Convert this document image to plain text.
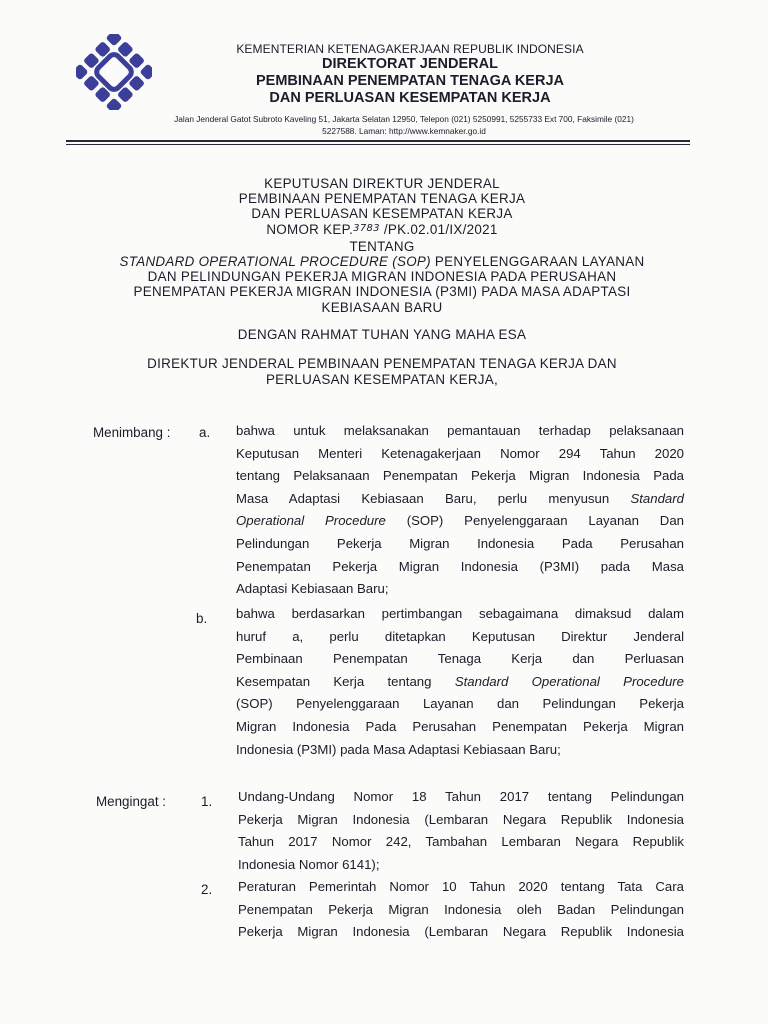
KEMENTERIAN KETENAGAKERJAAN REPUBLIK INDONESIA
DIREKTORAT JENDERAL
PEMBINAAN PENEMPATAN TENAGA KERJA
DAN PERLUASAN KESEMPATAN KERJA
Jalan Jenderal Gatot Subroto Kaveling 51, Jakarta Selatan 12950, Telepon (021) 5250991, 5255733 Ext 700, Faksimile (021)
5227588. Laman: http://www.kemnaker.go.id
KEPUTUSAN DIREKTUR JENDERAL
PEMBINAAN PENEMPATAN TENAGA KERJA
DAN PERLUASAN KESEMPATAN KERJA
NOMOR KEP.$^{3783}$ /PK.02.01/IX/2021
TENTANG
STANDARD OPERATIONAL PROCEDURE (SOP) PENYELENGGARAAN LAYANAN
DAN PELINDUNGAN PEKERJA MIGRAN INDONESIA PADA PERUSAHAN
PENEMPATAN PEKERJA MIGRAN INDONESIA (P3MI) PADA MASA ADAPTASI
KEBIASAAN BARU
DENGAN RAHMAT TUHAN YANG MAHA ESA
DIREKTUR JENDERAL PEMBINAAN PENEMPATAN TENAGA KERJA DAN
PERLUASAN KESEMPATAN KERJA,
Menimbang : a. bahwa untuk melaksanakan pemantauan terhadap pelaksanaan
Keputusan Menteri Ketenagakerjaan Nomor 294 Tahun 2020
tentang Pelaksanaan Penempatan Pekerja Migran Indonesia Pada
Masa Adaptasi Kebiasaan Baru, perlu menyusun Standard
Operational Procedure (SOP) Penyelenggaraan Layanan Dan
Pelindungan Pekerja Migran Indonesia Pada Perusahan
Penempatan Pekerja Migran Indonesia (P3MI) pada Masa
Adaptasi Kebiasaan Baru;
b. bahwa berdasarkan pertimbangan sebagaimana dimaksud dalam
huruf a, perlu ditetapkan Keputusan Direktur Jenderal
Pembinaan Penempatan Tenaga Kerja dan Perluasan
Kesempatan Kerja tentang Standard Operational Procedure
(SOP) Penyelenggaraan Layanan dan Pelindungan Pekerja
Migran Indonesia Pada Perusahan Penempatan Pekerja Migran
Indonesia (P3MI) pada Masa Adaptasi Kebiasaan Baru;
Mengingat :	1. Undang-Undang Nomor 18 Tahun 2017 tentang Pelindungan
Pekerja Migran Indonesia (Lembaran Negara Republik Indonesia
Tahun 2017 Nomor 242, Tambahan Lembaran Negara Republik
Indonesia Nomor 6141);
2. Peraturan Pemerintah Nomor 10 Tahun 2020 tentang Tata Cara
Penempatan Pekerja Migran Indonesia oleh Badan Pelindungan
Pekerja Migran Indonesia (Lembaran Negara Republik Indonesia
